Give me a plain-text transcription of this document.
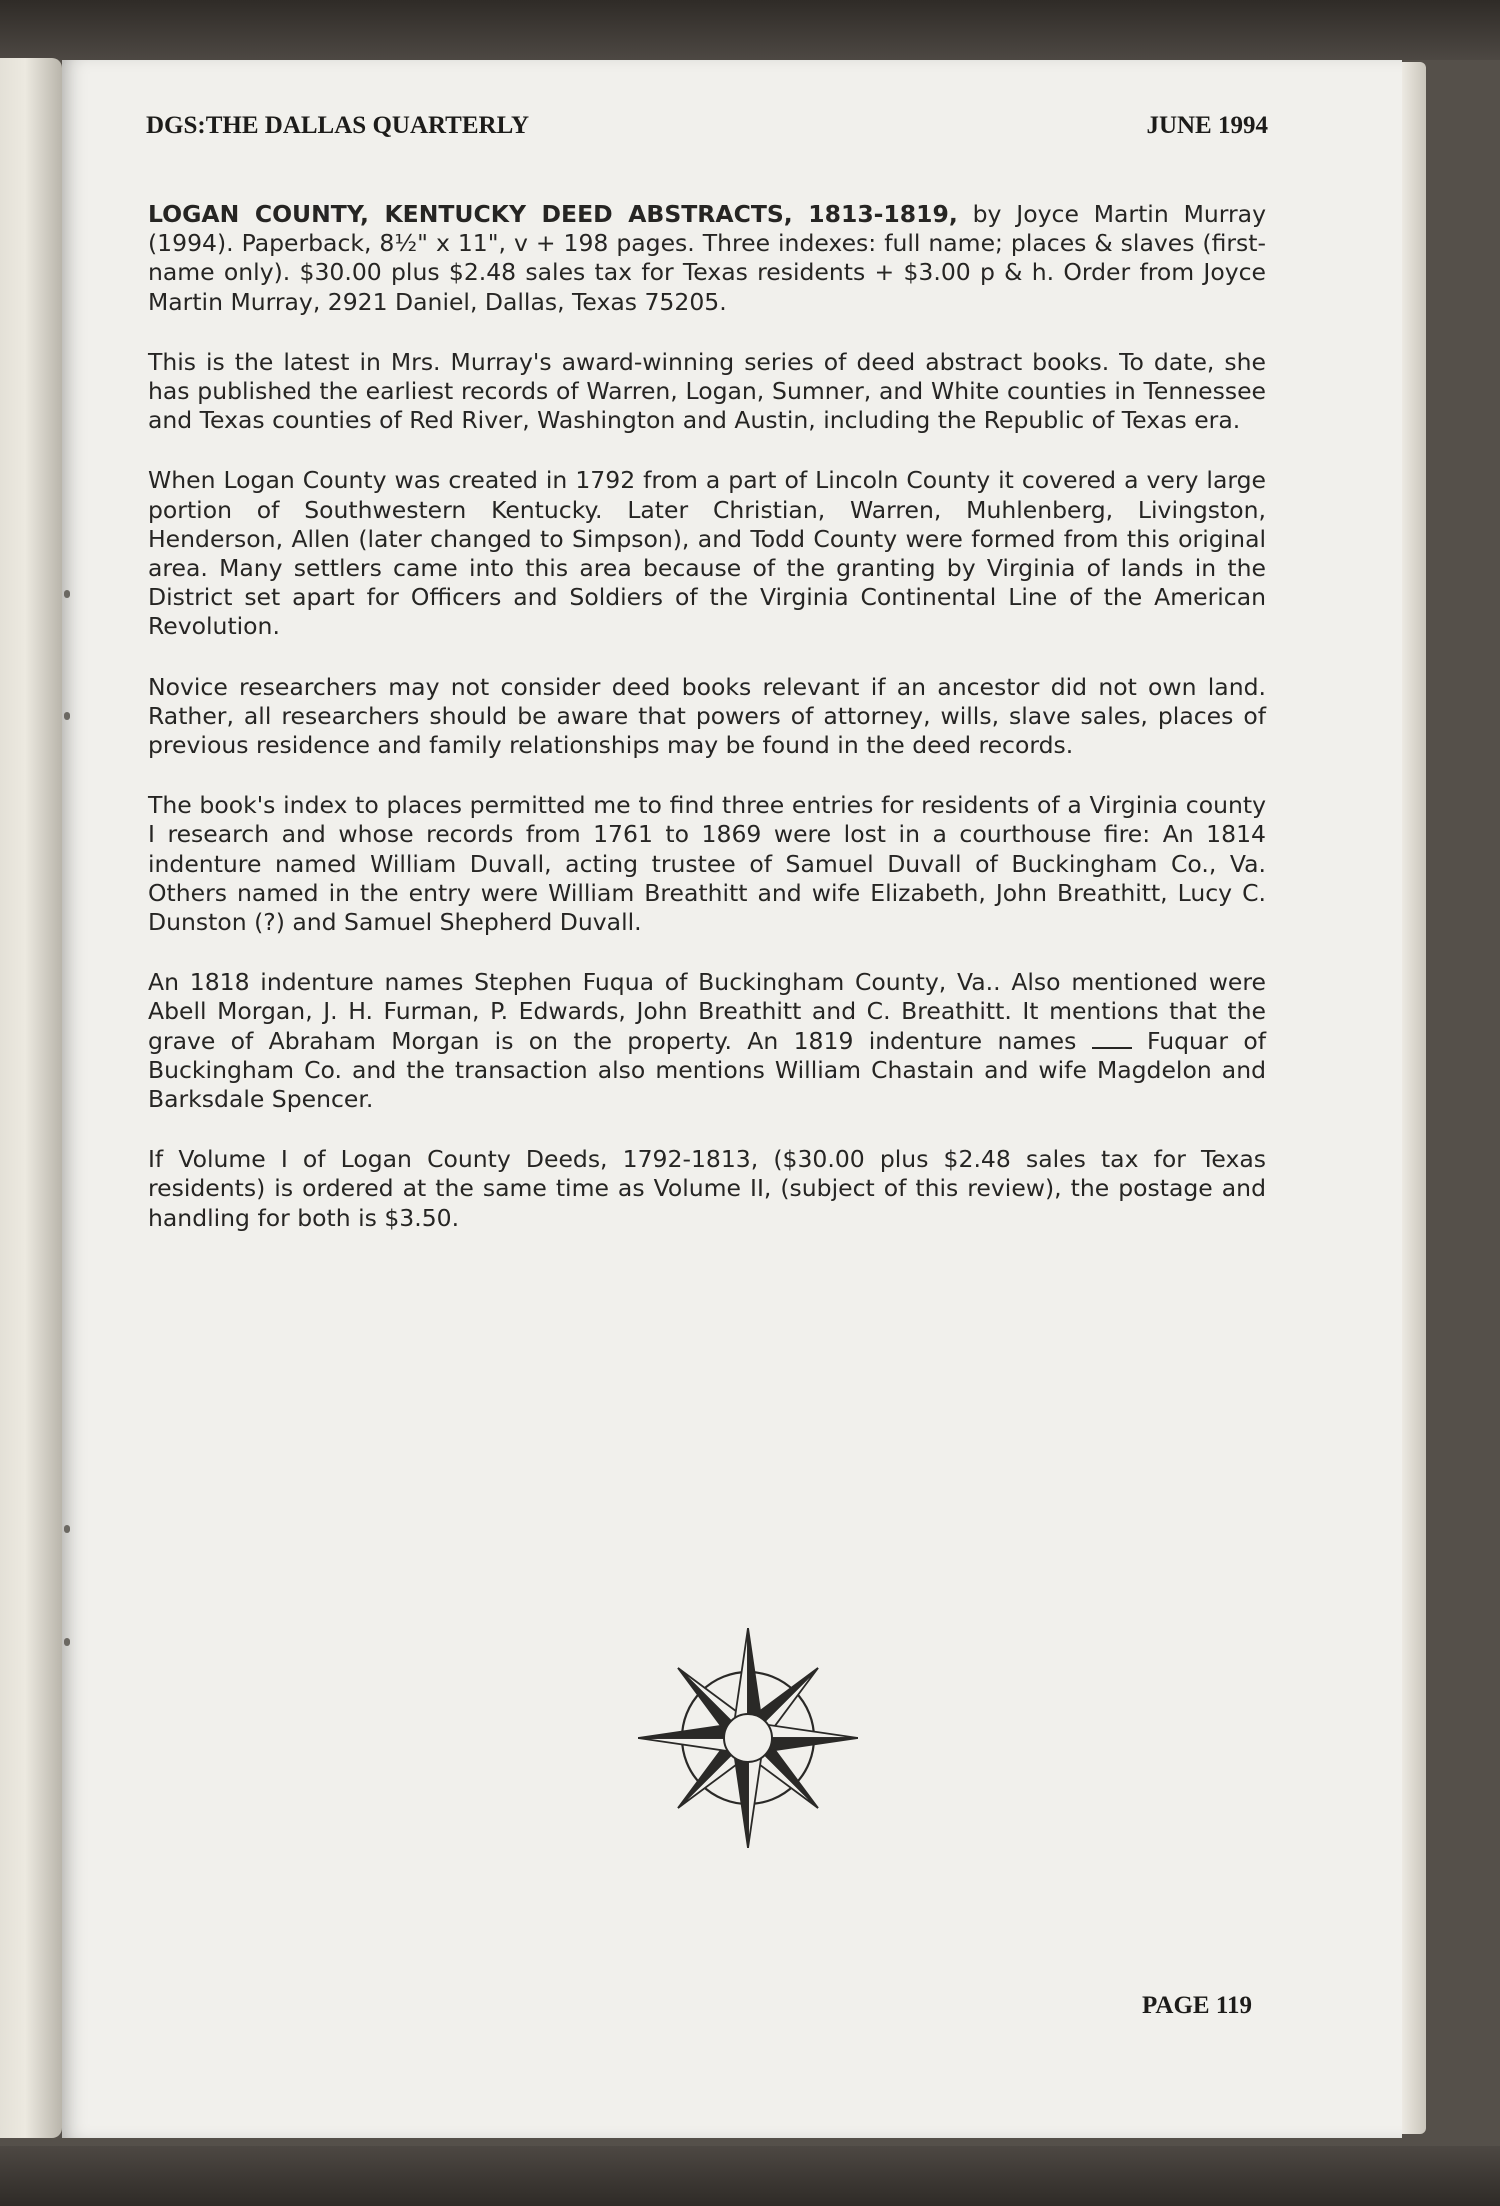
DGS:THE DALLAS QUARTERLY	JUNE 1994

LOGAN COUNTY, KENTUCKY DEED ABSTRACTS, 1813-1819, by Joyce Martin Murray (1994). Paperback, 8½" x 11", v + 198 pages. Three indexes: full name; places & slaves (first-name only). $30.00 plus $2.48 sales tax for Texas residents + $3.00 p & h. Order from Joyce Martin Murray, 2921 Daniel, Dallas, Texas 75205.

This is the latest in Mrs. Murray's award-winning series of deed abstract books. To date, she has published the earliest records of Warren, Logan, Sumner, and White counties in Tennessee and Texas counties of Red River, Washington and Austin, including the Republic of Texas era.

When Logan County was created in 1792 from a part of Lincoln County it covered a very large portion of Southwestern Kentucky. Later Christian, Warren, Muhlenberg, Livingston, Henderson, Allen (later changed to Simpson), and Todd County were formed from this original area. Many settlers came into this area because of the granting by Virginia of lands in the District set apart for Officers and Soldiers of the Virginia Continental Line of the American Revolution.

Novice researchers may not consider deed books relevant if an ancestor did not own land. Rather, all researchers should be aware that powers of attorney, wills, slave sales, places of previous residence and family relationships may be found in the deed records.

The book's index to places permitted me to find three entries for residents of a Virginia county I research and whose records from 1761 to 1869 were lost in a courthouse fire: An 1814 indenture named William Duvall, acting trustee of Samuel Duvall of Buckingham Co., Va. Others named in the entry were William Breathitt and wife Elizabeth, John Breathitt, Lucy C. Dunston (?) and Samuel Shepherd Duvall.

An 1818 indenture names Stephen Fuqua of Buckingham County, Va.. Also mentioned were Abell Morgan, J. H. Furman, P. Edwards, John Breathitt and C. Breathitt. It mentions that the grave of Abraham Morgan is on the property. An 1819 indenture names  Fuquar of Buckingham Co. and the transaction also mentions William Chastain and wife Magdelon and Barksdale Spencer.

If Volume I of Logan County Deeds, 1792-1813, ($30.00 plus $2.48 sales tax for Texas residents) is ordered at the same time as Volume II, (subject of this review), the postage and handling for both is $3.50.

PAGE 119
